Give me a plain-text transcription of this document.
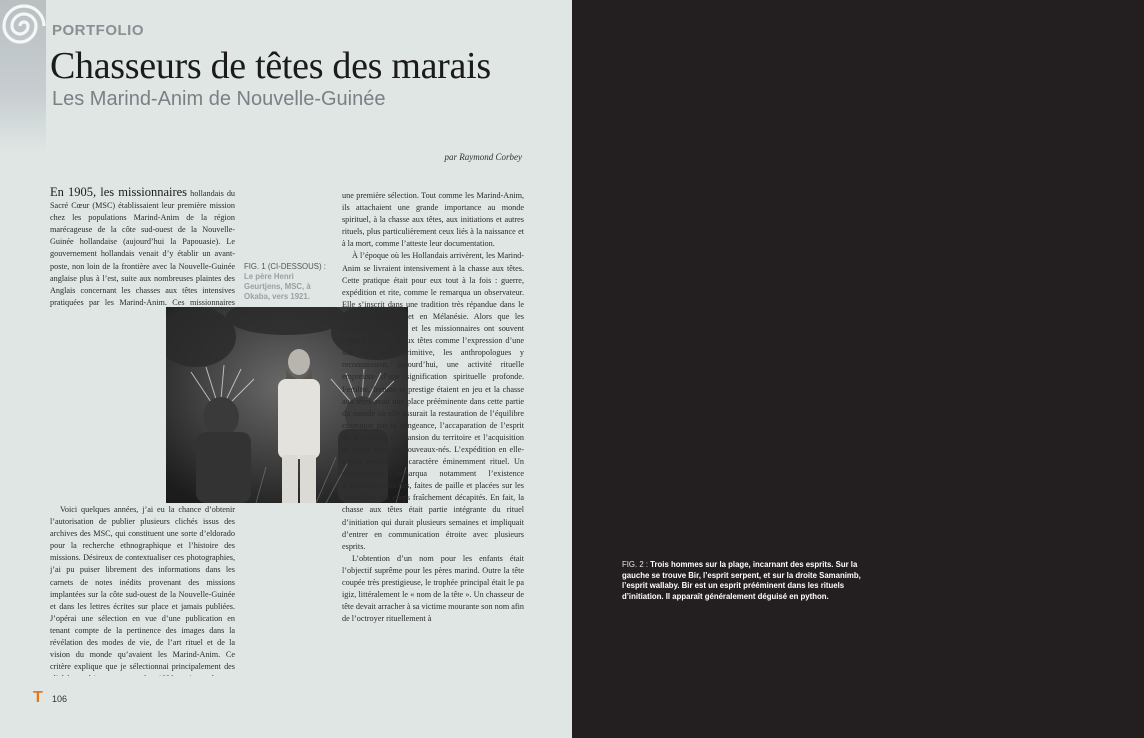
PORTFOLIO
Chasseurs de têtes des marais
Les Marind-Anim de Nouvelle-Guinée
par Raymond Corbey

En 1905, les missionnaires hollandais du Sacré Cœur (MSC) établissaient leur première mission chez les populations Marind-Anim de la région marécageuse de la côte sud-ouest de la Nouvelle-Guinée hollandaise (aujourd’hui la Papouasie). Le gouvernement hollandais venait d’y établir un avant-poste, non loin de la frontière avec la Nouvelle-Guinée anglaise plus à l’est, suite aux nombreuses plaintes des Anglais concernant les chasses aux têtes intensives pratiquées par les Marind-Anim. Ces missionnaires

FIG. 1 (CI-DESSOUS) : Le père Henri Geurtjens, MSC, à Okaba, vers 1921.

Voici quelques années, j’ai eu la chance d’obtenir l’autorisation de publier plusieurs clichés issus des archives des MSC, qui constituent une sorte d’eldorado pour la recherche ethnographique et l’histoire des missions. Désireux de contextualiser ces photographies, j’ai pu puiser librement des informations dans les carnets de notes inédits provenant des missions implantées sur la côte sud-ouest de la Nouvelle-Guinée et dans les lettres écrites sur place et jamais publiées. J’opérai une sélection en vue d’une publication en tenant compte de la pertinence des images dans la révélation des modes de vie, de l’art rituel et de la vision du monde qu’avaient les Marind-Anim. Ce critère explique que je sélectionnai principalement des

une première sélection. Tout comme les Marind-Anim, ils attachaient une grande importance au monde spirituel, à la chasse aux têtes, aux initiations et autres rituels, plus particulièrement ceux liés à la naissance et à la mort, comme l’atteste leur documentation.

À l’époque où les Hollandais arrivèrent, les Marind-Anim se livraient intensivement à la chasse aux têtes. Cette pratique était pour eux tout à la fois : guerre, expédition et rite, comme le remarqua un observateur. Elle s’inscrit dans une tradition très répandue dans le Sud-Est asiatique et en Mélanésie. Alors que les autorités coloniales et les missionnaires ont souvent regardé la chasse aux têtes comme l’expression d’une soif de sang primitive, les anthropologues y reconnaissent, aujourd’hui, une activité rituelle empreinte d’une signification spirituelle profonde. Fertilité, fortune et prestige étaient en jeu et la chasse aux têtes avait une place prééminente dans cette partie du monde où elle assurait la restauration de l’équilibre cosmique par la vengeance, l’accaparation de l’esprit de la victime, l’expansion du territoire et l’acquisition de noms pour les nouveaux-nés. L’expédition en elle-même revêtait un caractère éminemment rituel. Un missionnaire remarqua notamment l’existence d’amulettes rituelles, faites de paille et placées sur les dépouilles des corps fraîchement décapités. En fait, la chasse aux têtes était partie intégrante du rituel d’initiation qui durait plusieurs semaines et impliquait d’entrer en communication étroite avec plusieurs esprits.

L’obtention d’un nom pour les enfants était l’objectif suprême pour les pères marind. Outre la tête coupée très prestigieuse, le trophée principal était le pa igiz, littéralement le « nom de la tête ». Un chasseur de tête devait arracher à sa victime mourante son nom afin de l’octroyer rituellement à

T 106
FIG. 2 : Trois hommes sur la plage, incarnant des esprits. Sur la gauche se trouve Bir, l’esprit serpent, et sur la droite Samanimb, l’esprit wallaby. Bir est un esprit prééminent dans les rituels d’initiation. Il apparaît généralement déguisé en python.
